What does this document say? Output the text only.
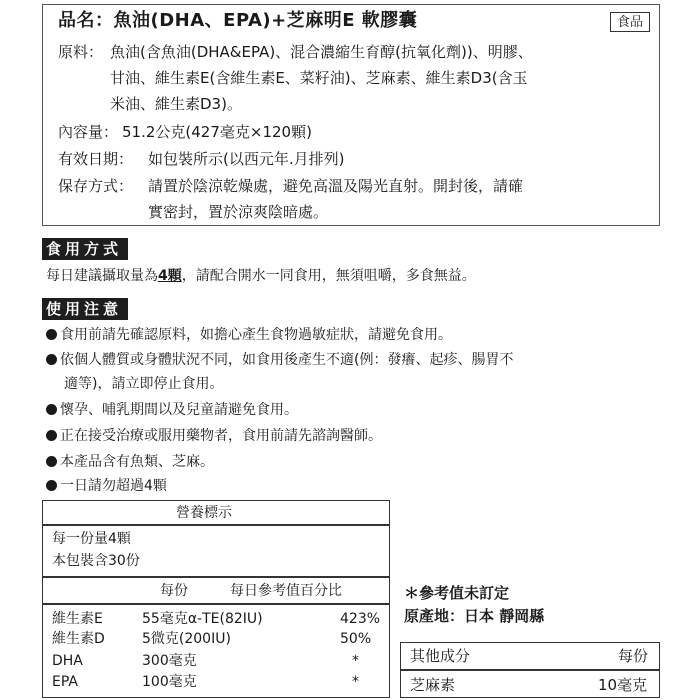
品名：魚油(DHA、EPA)+芝麻明E 軟膠囊	食品
原料： 魚油(含魚油(DHA&EPA)、混合濃縮生育醇(抗氧化劑))、明膠、
甘油、維生素E(含維生素E、菜籽油)、芝麻素、維生素D3(含玉
米油、維生素D3)。
內容量： 51.2公克(427毫克×120顆)
有效日期： 如包裝所示(以西元年.月排列)
保存方式： 請置於陰涼乾燥處，避免高溫及陽光直射。開封後，請確
實密封，置於涼爽陰暗處。
食用方式
每日建議攝取量為4顆，請配合開水一同食用，無須咀嚼，多食無益。
使用注意
食用前請先確認原料，如擔心產生食物過敏症狀，請避免食用。
依個人體質或身體狀況不同，如食用後產生不適(例：發癢、起疹、腸胃不
適等)，請立即停止食用。
懷孕、哺乳期間以及兒童請避免食用。
正在接受治療或服用藥物者，食用前請先諮詢醫師。
本產品含有魚類、芝麻。
一日請勿超過4顆
營養標示
每一份量4顆
本包裝含30份
每份	每日參考值百分比
維生素E	55毫克α-TE(82IU)	423%
維生素D	5微克(200IU)	50%
DHA	300毫克	*
EPA	100毫克	*
＊參考值未訂定
原產地：日本 靜岡縣
其他成分	每份
芝麻素	10毫克
